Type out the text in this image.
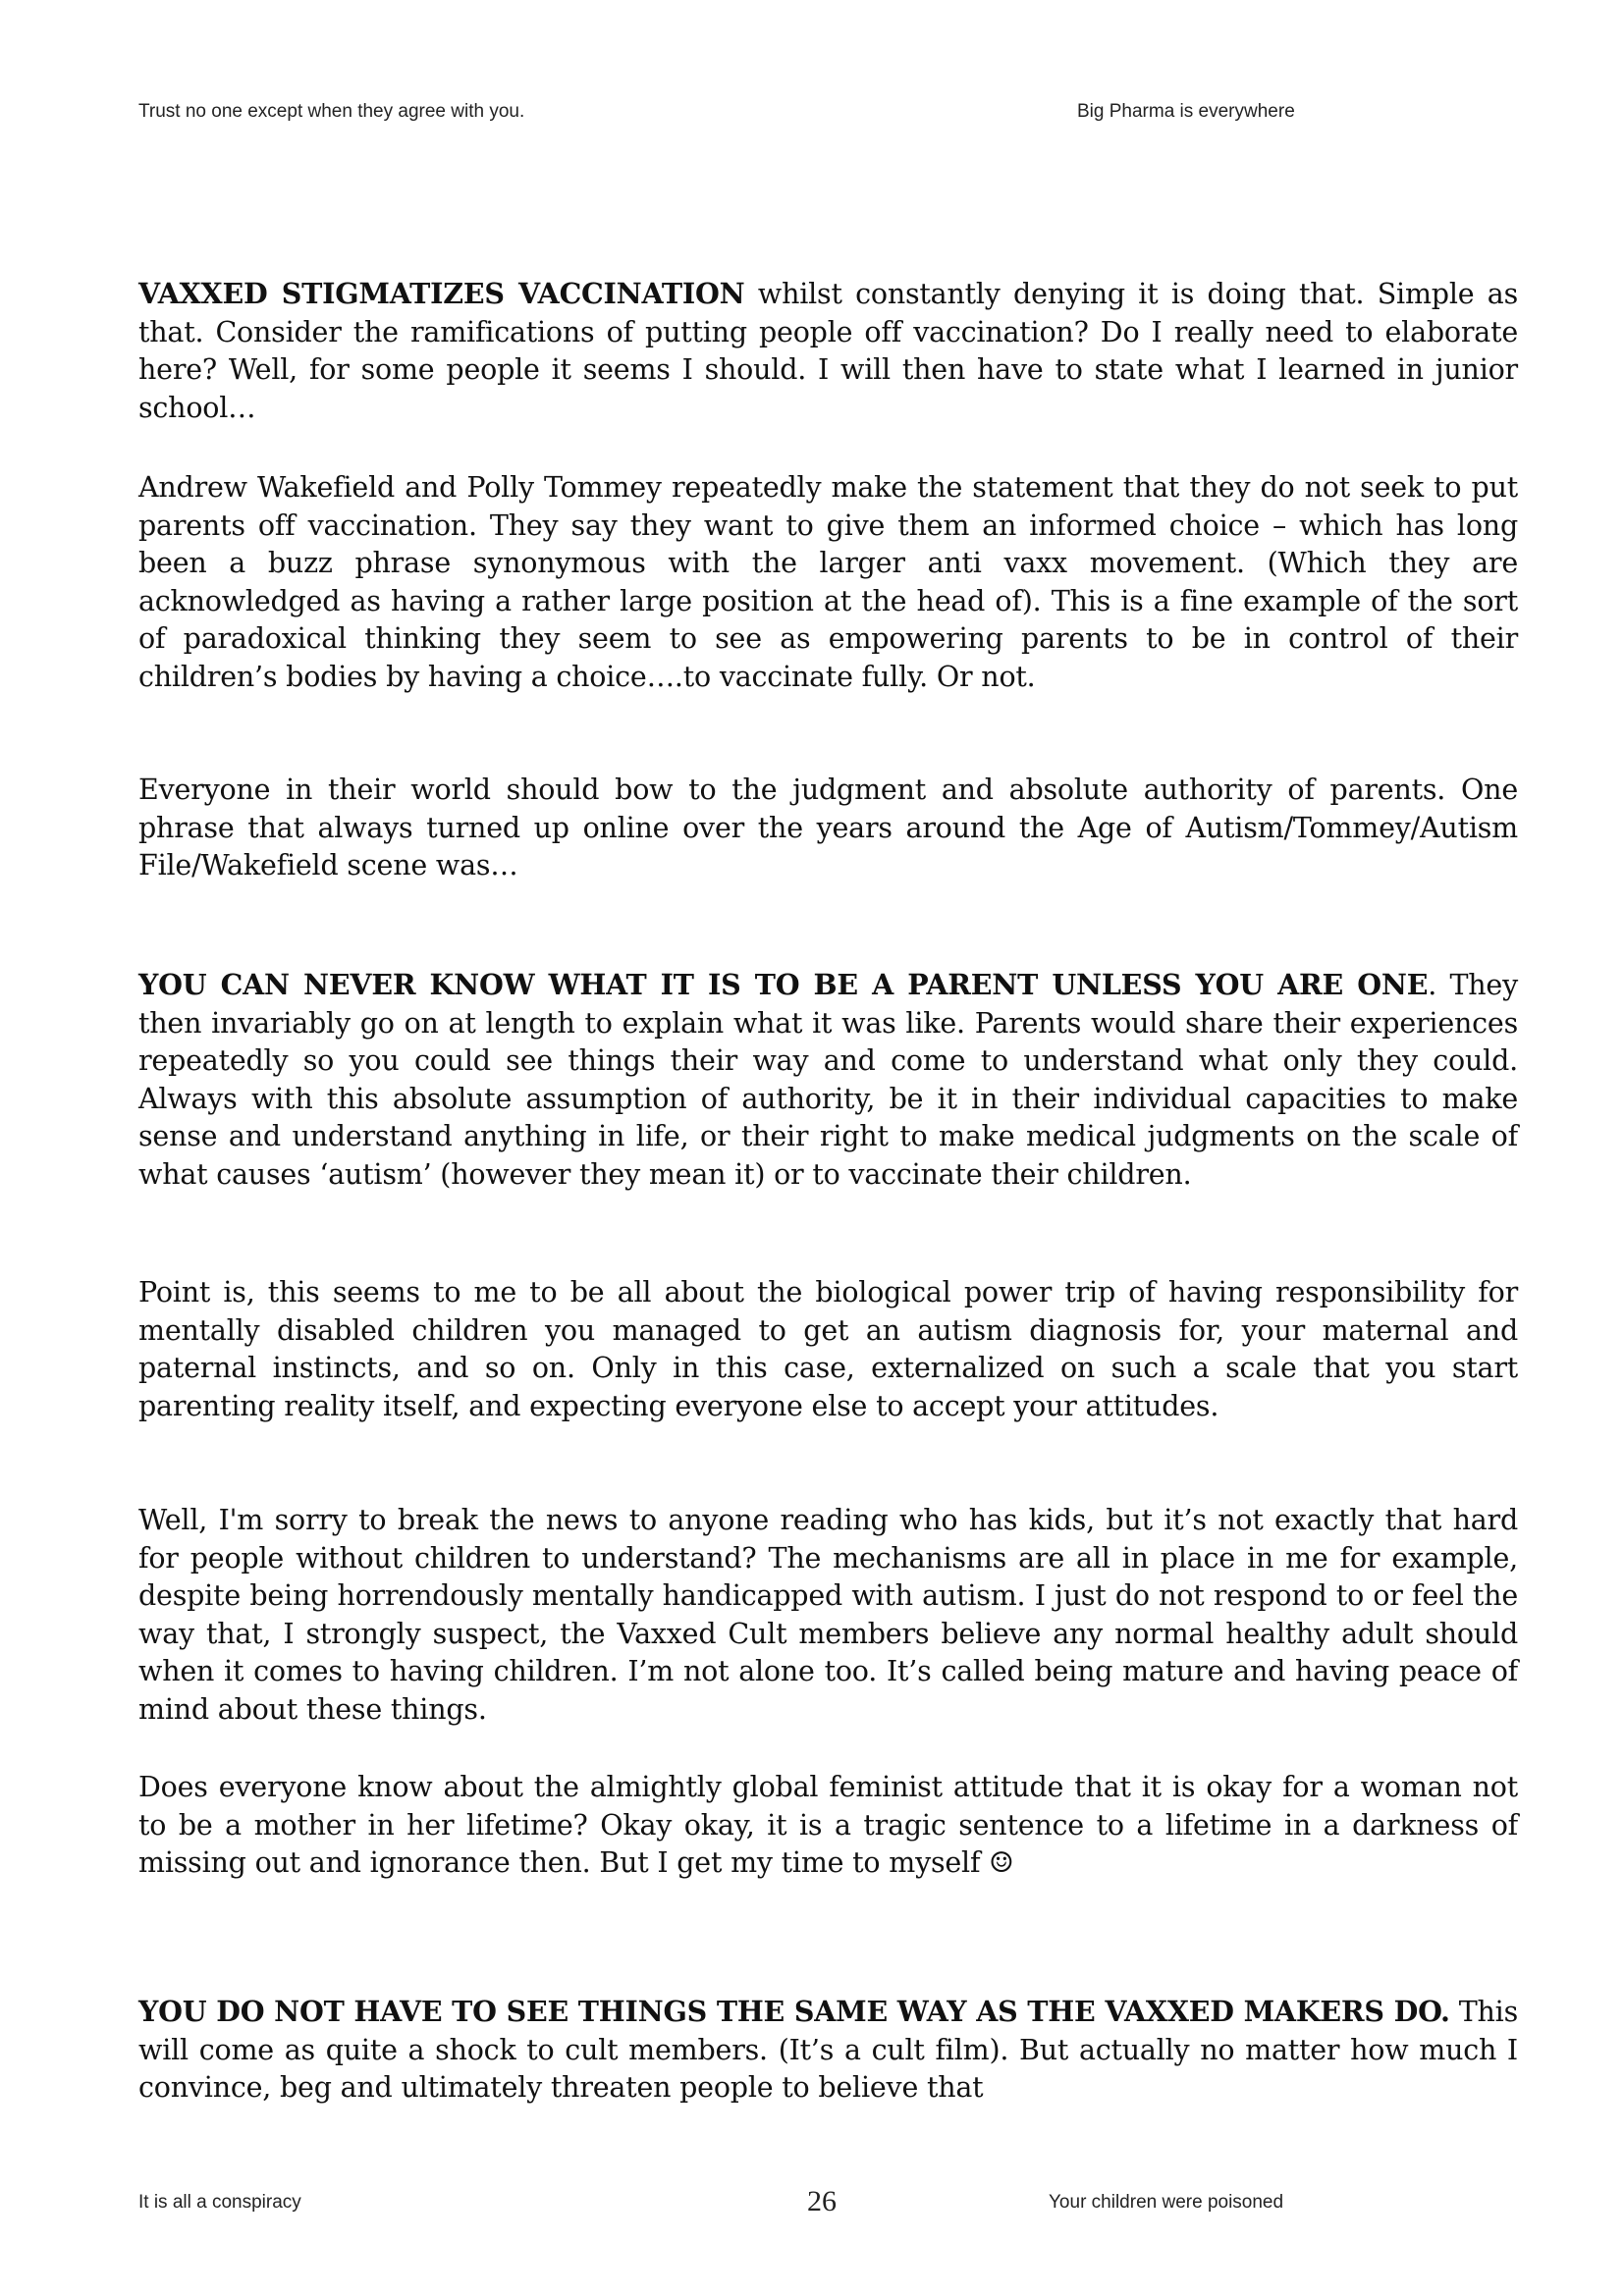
Trust no one except when they agree with you.	Big Pharma is everywhere

VAXXED STIGMATIZES VACCINATION whilst constantly denying it is doing that. Simple as that. Consider the ramifications of putting people off vaccination? Do I really need to elaborate here? Well, for some people it seems I should. I will then have to state what I learned in junior school…

Andrew Wakefield and Polly Tommey repeatedly make the statement that they do not seek to put parents off vaccination. They say they want to give them an informed choice – which has long been a buzz phrase synonymous with the larger anti vaxx movement. (Which they are acknowledged as having a rather large position at the head of). This is a fine example of the sort of paradoxical thinking they seem to see as empowering parents to be in control of their children’s bodies by having a choice….to vaccinate fully. Or not.

Everyone in their world should bow to the judgment and absolute authority of parents. One phrase that always turned up online over the years around the Age of Autism/Tommey/Autism File/Wakefield scene was…

YOU CAN NEVER KNOW WHAT IT IS TO BE A PARENT UNLESS YOU ARE ONE. They then invariably go on at length to explain what it was like. Parents would share their experiences repeatedly so you could see things their way and come to understand what only they could. Always with this absolute assumption of authority, be it in their individual capacities to make sense and understand anything in life, or their right to make medical judgments on the scale of what causes ‘autism’ (however they mean it) or to vaccinate their children.

Point is, this seems to me to be all about the biological power trip of having responsibility for mentally disabled children you managed to get an autism diagnosis for, your maternal and paternal instincts, and so on. Only in this case, externalized on such a scale that you start parenting reality itself, and expecting everyone else to accept your attitudes.

Well, I'm sorry to break the news to anyone reading who has kids, but it’s not exactly that hard for people without children to understand? The mechanisms are all in place in me for example, despite being horrendously mentally handicapped with autism. I just do not respond to or feel the way that, I strongly suspect, the Vaxxed Cult members believe any normal healthy adult should when it comes to having children. I’m not alone too. It’s called being mature and having peace of mind about these things.

Does everyone know about the almightly global feminist attitude that it is okay for a woman not to be a mother in her lifetime? Okay okay, it is a tragic sentence to a lifetime in a darkness of missing out and ignorance then. But I get my time to myself ☺

YOU DO NOT HAVE TO SEE THINGS THE SAME WAY AS THE VAXXED MAKERS DO. This will come as quite a shock to cult members. (It’s a cult film). But actually no matter how much I convince, beg and ultimately threaten people to believe that

It is all a conspiracy	26	Your children were poisoned
